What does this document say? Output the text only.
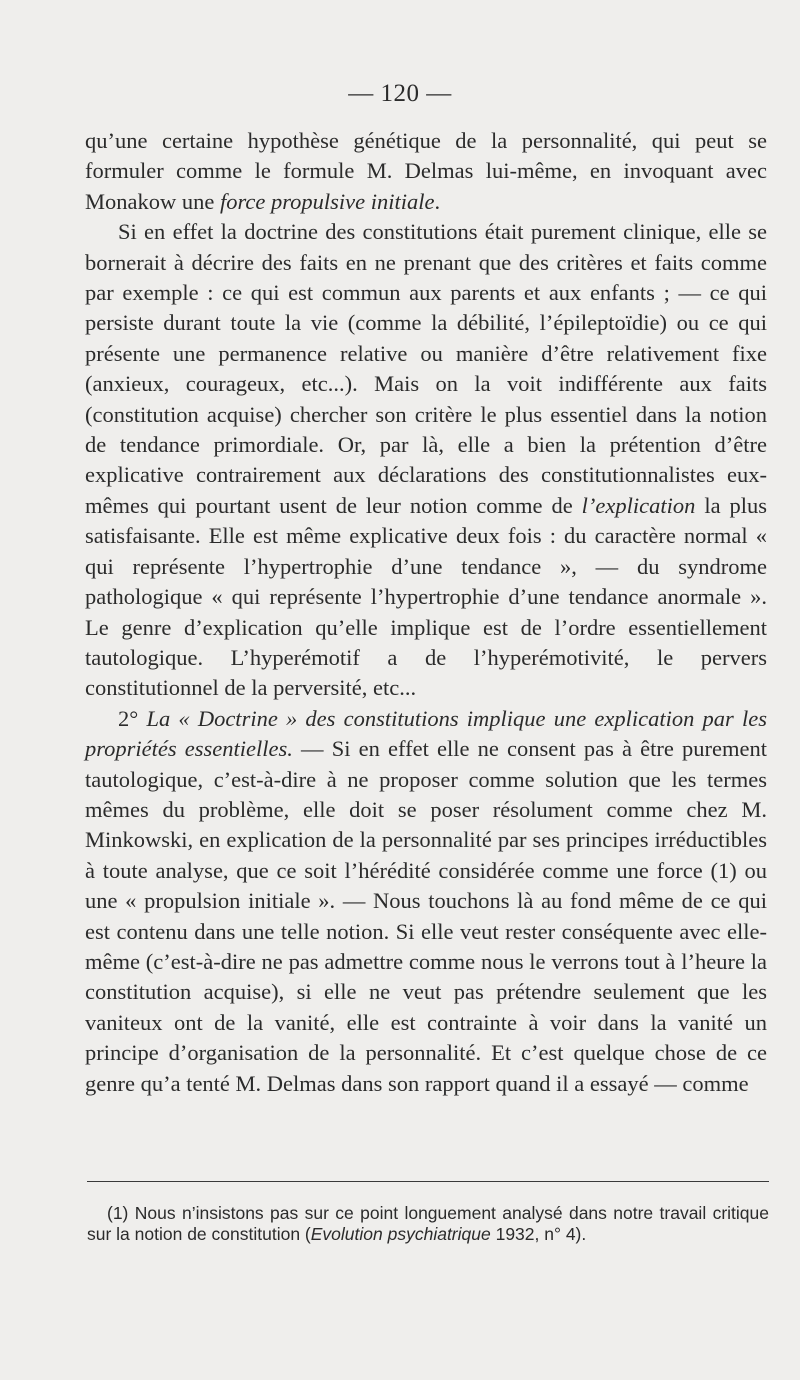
— 120 —

qu’une certaine hypothèse génétique de la personnalité, qui peut se formuler comme le formule M. Delmas lui-même, en invoquant avec Monakow une force propulsive initiale.

Si en effet la doctrine des constitutions était purement clinique, elle se bornerait à décrire des faits en ne prenant que des critères et faits comme par exemple : ce qui est commun aux parents et aux enfants ; — ce qui persiste durant toute la vie (comme la débilité, l’épileptoïdie) ou ce qui présente une permanence relative ou manière d’être relativement fixe (anxieux, courageux, etc...). Mais on la voit indifférente aux faits (constitution acquise) chercher son critère le plus essentiel dans la notion de tendance primordiale. Or, par là, elle a bien la prétention d’être explicative contrairement aux déclarations des constitutionnalistes eux-mêmes qui pourtant usent de leur notion comme de l’explication la plus satisfaisante. Elle est même explicative deux fois : du caractère normal « qui représente l’hypertrophie d’une tendance », — du syndrome pathologique « qui représente l’hypertrophie d’une tendance anormale ». Le genre d’explication qu’elle implique est de l’ordre essentiellement tautologique. L’hyperémotif a de l’hyperémotivité, le pervers constitutionnel de la perversité, etc...

2° La « Doctrine » des constitutions implique une explication par les propriétés essentielles. — Si en effet elle ne consent pas à être purement tautologique, c’est-à-dire à ne proposer comme solution que les termes mêmes du problème, elle doit se poser résolument comme chez M. Minkowski, en explication de la personnalité par ses principes irréductibles à toute analyse, que ce soit l’hérédité considérée comme une force (1) ou une « propulsion initiale ». — Nous touchons là au fond même de ce qui est contenu dans une telle notion. Si elle veut rester conséquente avec elle-même (c’est-à-dire ne pas admettre comme nous le verrons tout à l’heure la constitution acquise), si elle ne veut pas prétendre seulement que les vaniteux ont de la vanité, elle est contrainte à voir dans la vanité un principe d’organisation de la personnalité. Et c’est quelque chose de ce genre qu’a tenté M. Delmas dans son rapport quand il a essayé — comme

(1) Nous n’insistons pas sur ce point longuement analysé dans notre travail critique sur la notion de constitution (Evolution psychiatrique 1932, n° 4).
